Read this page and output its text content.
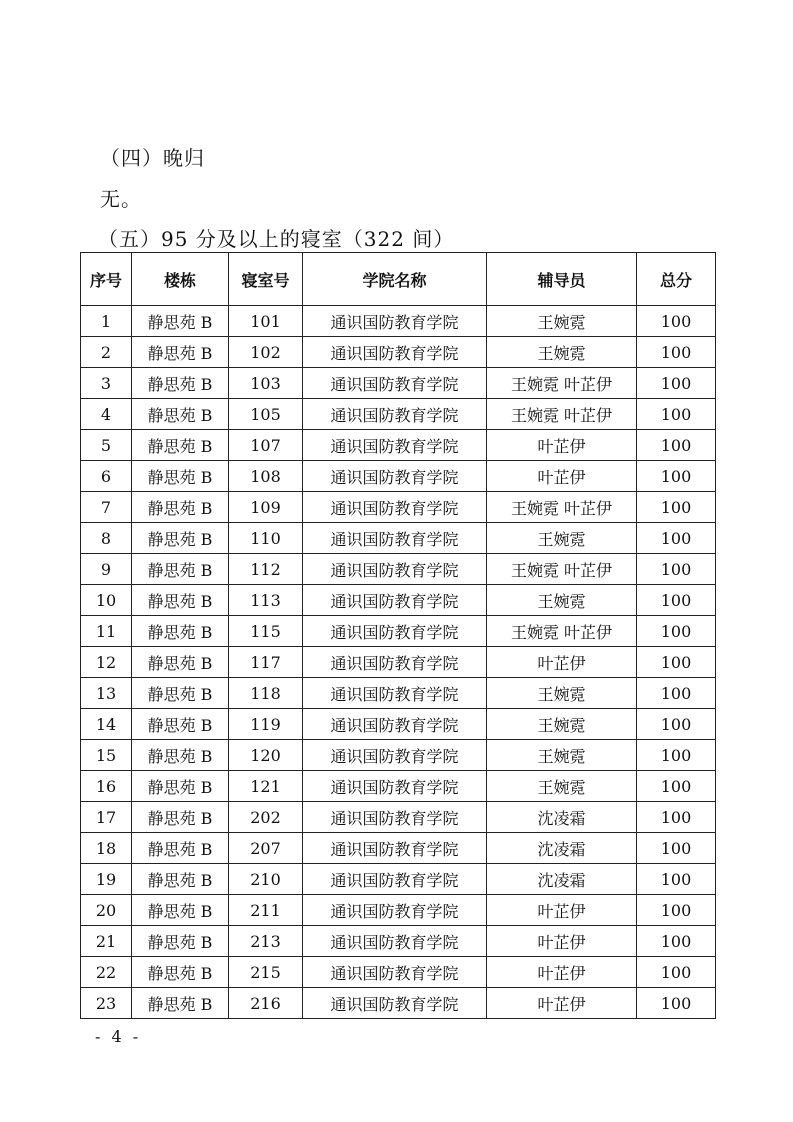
（四）晚归
无。
（五）95 分及以上的寝室（322 间）
序号	楼栋	寝室号	学院名称	辅导员	总分
1	静思苑 B	101	通识国防教育学院	王婉霓	100
2	静思苑 B	102	通识国防教育学院	王婉霓	100
3	静思苑 B	103	通识国防教育学院	王婉霓 叶芷伊	100
4	静思苑 B	105	通识国防教育学院	王婉霓 叶芷伊	100
5	静思苑 B	107	通识国防教育学院	叶芷伊	100
6	静思苑 B	108	通识国防教育学院	叶芷伊	100
7	静思苑 B	109	通识国防教育学院	王婉霓 叶芷伊	100
8	静思苑 B	110	通识国防教育学院	王婉霓	100
9	静思苑 B	112	通识国防教育学院	王婉霓 叶芷伊	100
10	静思苑 B	113	通识国防教育学院	王婉霓	100
11	静思苑 B	115	通识国防教育学院	王婉霓 叶芷伊	100
12	静思苑 B	117	通识国防教育学院	叶芷伊	100
13	静思苑 B	118	通识国防教育学院	王婉霓	100
14	静思苑 B	119	通识国防教育学院	王婉霓	100
15	静思苑 B	120	通识国防教育学院	王婉霓	100
16	静思苑 B	121	通识国防教育学院	王婉霓	100
17	静思苑 B	202	通识国防教育学院	沈凌霜	100
18	静思苑 B	207	通识国防教育学院	沈凌霜	100
19	静思苑 B	210	通识国防教育学院	沈凌霜	100
20	静思苑 B	211	通识国防教育学院	叶芷伊	100
21	静思苑 B	213	通识国防教育学院	叶芷伊	100
22	静思苑 B	215	通识国防教育学院	叶芷伊	100
23	静思苑 B	216	通识国防教育学院	叶芷伊	100
- 4 -
